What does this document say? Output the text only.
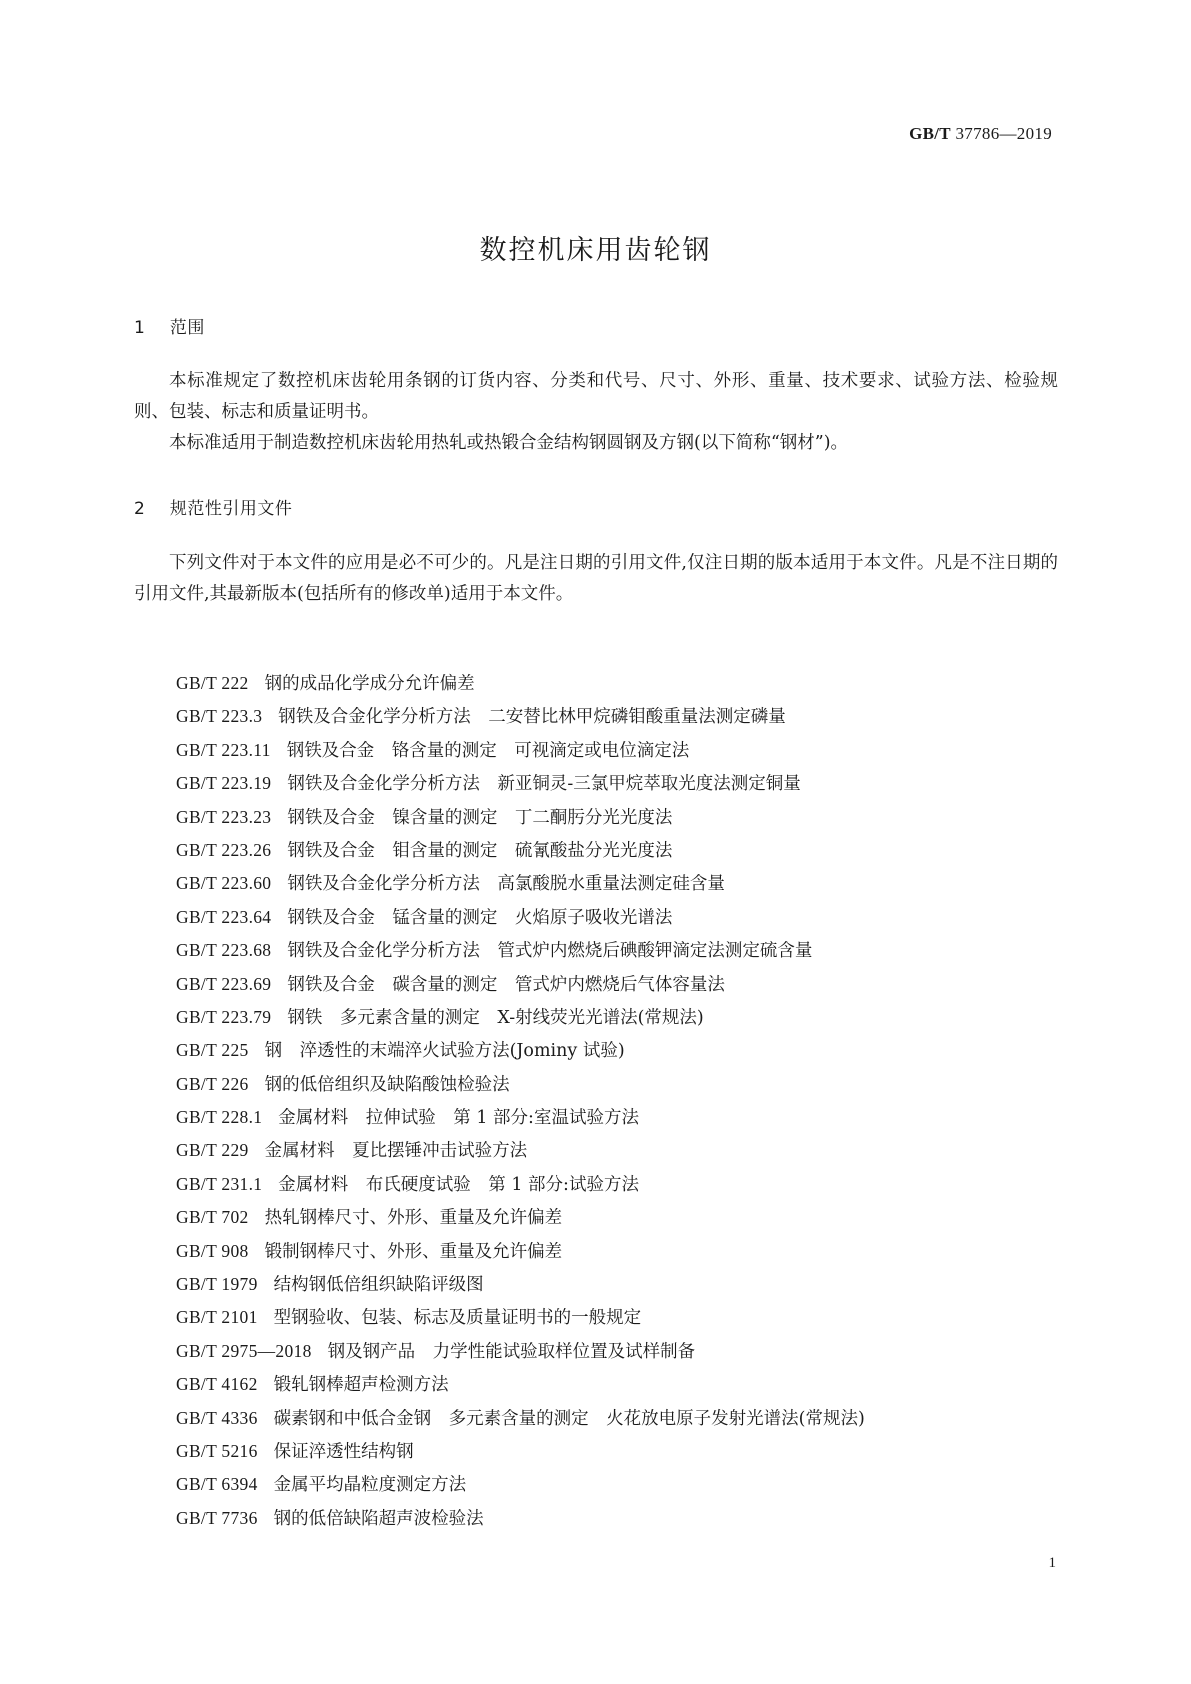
GB/T 37786—2019
数控机床用齿轮钢
1 范围

本标准规定了数控机床齿轮用条钢的订货内容、分类和代号、尺寸、外形、重量、技术要求、试验方法、检验规则、包装、标志和质量证明书。

本标准适用于制造数控机床齿轮用热轧或热锻合金结构钢圆钢及方钢(以下简称“钢材”)。

2 规范性引用文件

下列文件对于本文件的应用是必不可少的。凡是注日期的引用文件,仅注日期的版本适用于本文件。凡是不注日期的引用文件,其最新版本(包括所有的修改单)适用于本文件。

GB/T 222 钢的成品化学成分允许偏差
GB/T 223.3 钢铁及合金化学分析方法　二安替比林甲烷磷钼酸重量法测定磷量
GB/T 223.11 钢铁及合金　铬含量的测定　可视滴定或电位滴定法
GB/T 223.19 钢铁及合金化学分析方法　新亚铜灵-三氯甲烷萃取光度法测定铜量
GB/T 223.23 钢铁及合金　镍含量的测定　丁二酮肟分光光度法
GB/T 223.26 钢铁及合金　钼含量的测定　硫氰酸盐分光光度法
GB/T 223.60 钢铁及合金化学分析方法　高氯酸脱水重量法测定硅含量
GB/T 223.64 钢铁及合金　锰含量的测定　火焰原子吸收光谱法
GB/T 223.68 钢铁及合金化学分析方法　管式炉内燃烧后碘酸钾滴定法测定硫含量
GB/T 223.69 钢铁及合金　碳含量的测定　管式炉内燃烧后气体容量法
GB/T 223.79 钢铁　多元素含量的测定　X-射线荧光光谱法(常规法)
GB/T 225 钢　淬透性的末端淬火试验方法(Jominy 试验)
GB/T 226 钢的低倍组织及缺陷酸蚀检验法
GB/T 228.1 金属材料　拉伸试验　第 1 部分:室温试验方法
GB/T 229 金属材料　夏比摆锤冲击试验方法
GB/T 231.1 金属材料　布氏硬度试验　第 1 部分:试验方法
GB/T 702 热轧钢棒尺寸、外形、重量及允许偏差
GB/T 908 锻制钢棒尺寸、外形、重量及允许偏差
GB/T 1979 结构钢低倍组织缺陷评级图
GB/T 2101 型钢验收、包装、标志及质量证明书的一般规定
GB/T 2975—2018 钢及钢产品　力学性能试验取样位置及试样制备
GB/T 4162 锻轧钢棒超声检测方法
GB/T 4336 碳素钢和中低合金钢　多元素含量的测定　火花放电原子发射光谱法(常规法)
GB/T 5216 保证淬透性结构钢
GB/T 6394 金属平均晶粒度测定方法
GB/T 7736 钢的低倍缺陷超声波检验法
1
